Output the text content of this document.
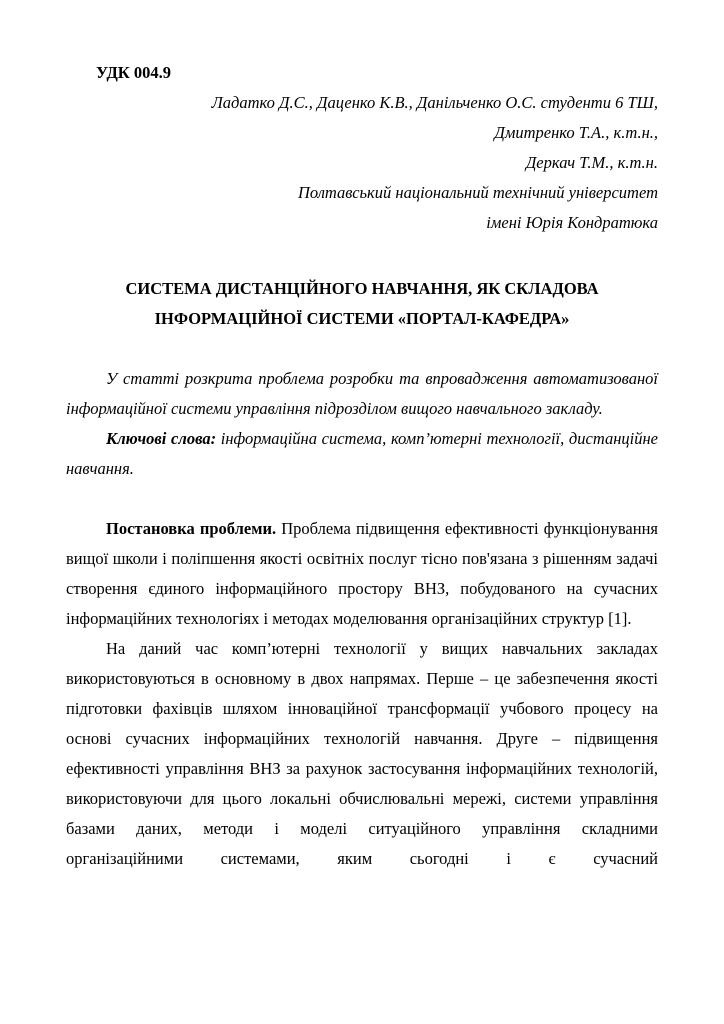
УДК 004.9
Ладатко Д.С., Даценко К.В., Данільченко О.С. студенти 6 ТШ,
Дмитренко Т.А., к.т.н.,
Деркач Т.М., к.т.н.
Полтавський національний технічний університет
імені Юрія Кондратюка
СИСТЕМА ДИСТАНЦІЙНОГО НАВЧАННЯ, ЯК СКЛАДОВА
ІНФОРМАЦІЙНОЇ СИСТЕМИ «ПОРТАЛ-КАФЕДРА»

У статті розкрита проблема розробки та впровадження автоматизованої інформаційної системи управління підрозділом вищого навчального закладу.

Ключові слова: інформаційна система, комп’ютерні технології, дистанційне навчання.

Постановка проблеми. Проблема підвищення ефективності функціонування вищої школи і поліпшення якості освітніх послуг тісно пов'язана з рішенням задачі створення єдиного інформаційного простору ВНЗ, побудованого на сучасних інформаційних технологіях і методах моделювання організаційних структур [1].

На даний час комп’ютерні технології у вищих навчальних закладах використовуються в основному в двох напрямах. Перше – це забезпечення якості підготовки фахівців шляхом інноваційної трансформації учбового процесу на основі сучасних інформаційних технологій навчання. Друге – підвищення ефективності управління ВНЗ за рахунок застосування інформаційних технологій, використовуючи для цього локальні обчислювальні мережі, системи управління базами даних, методи і моделі ситуаційного управління складними організаційними системами, яким сьогодні і є сучасний
